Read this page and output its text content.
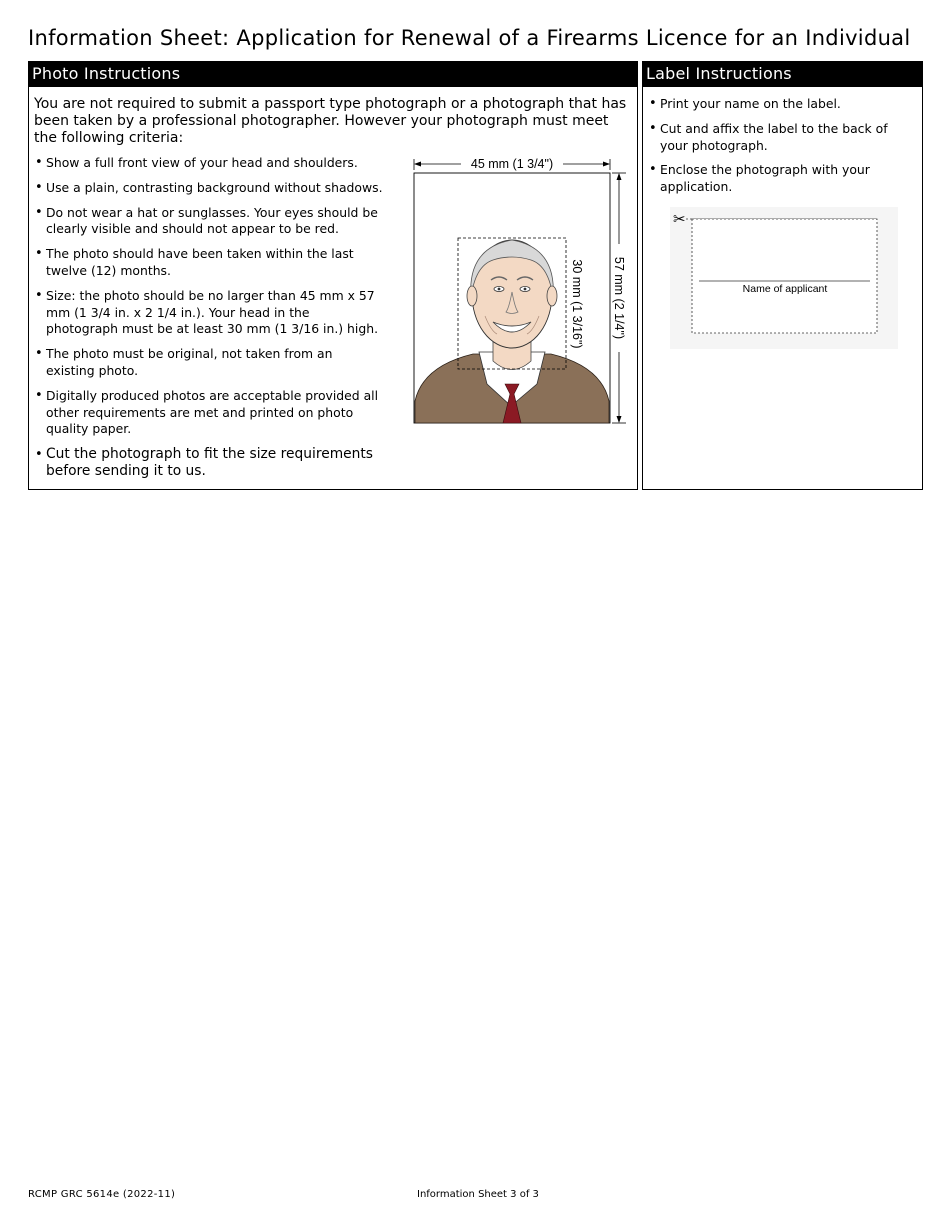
Information Sheet: Application for Renewal of a Firearms Licence for an Individual
Photo Instructions
You are not required to submit a passport type photograph or a photograph that has been taken by a professional photographer. However your photograph must meet the following criteria:
• Show a full front view of your head and shoulders.
• Use a plain, contrasting background without shadows.
• Do not wear a hat or sunglasses. Your eyes should be clearly visible and should not appear to be red.
• The photo should have been taken within the last twelve (12) months.
• Size: the photo should be no larger than 45 mm x 57 mm (1 3/4 in. x 2 1/4 in.). Your head in the photograph must be at least 30 mm (1 3/16 in.) high.
• The photo must be original, not taken from an existing photo.
• Digitally produced photos are acceptable provided all other requirements are met and printed on photo quality paper.
• Cut the photograph to fit the size requirements before sending it to us.
45 mm (1 3/4")
30 mm (1 3/16") 57 mm (2 1/4")
Label Instructions
• Print your name on the label.
• Cut and affix the label to the back of your photograph.
• Enclose the photograph with your application.
✂
Name of applicant
RCMP GRC 5614e (2022-11)	Information Sheet 3 of 3
